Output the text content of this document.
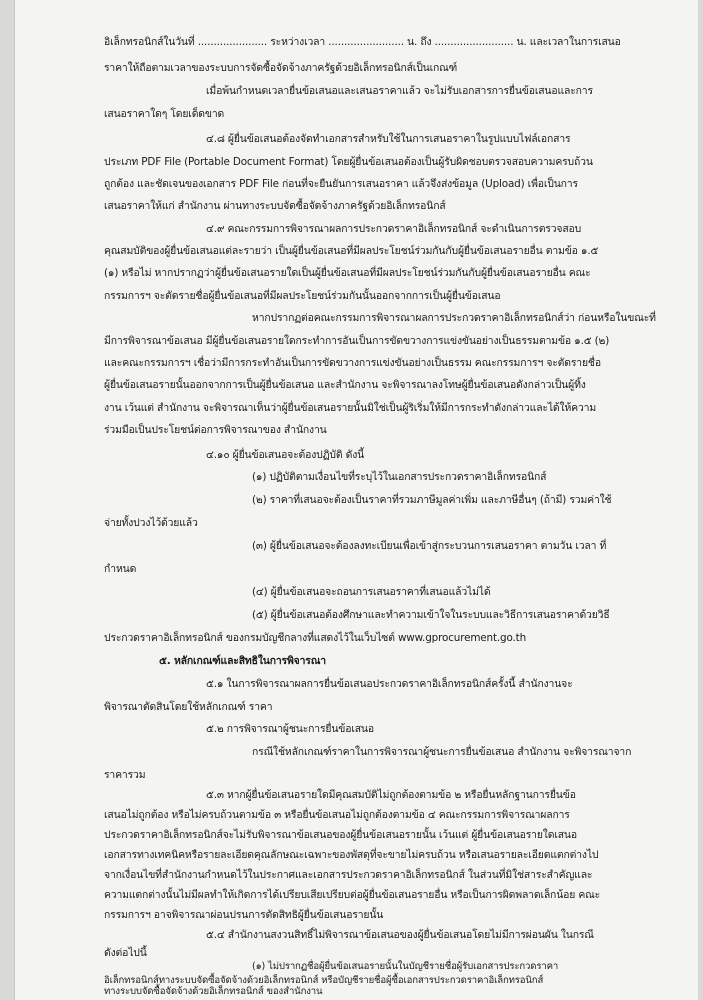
อิเล็กทรอนิกส์ในวันที่ ...................... ระหว่างเวลา ........................ น. ถึง ......................... น. และเวลาในการเสนอ
ราคาให้ถือตามเวลาของระบบการจัดซื้อจัดจ้างภาครัฐด้วยอิเล็กทรอนิกส์เป็นเกณฑ์
เมื่อพ้นกำหนดเวลายื่นข้อเสนอและเสนอราคาแล้ว จะไม่รับเอกสารการยื่นข้อเสนอและการ
เสนอราคาใดๆ โดยเด็ดขาด
๔.๘ ผู้ยื่นข้อเสนอต้องจัดทำเอกสารสำหรับใช้ในการเสนอราคาในรูปแบบไฟล์เอกสาร
ประเภท PDF File (Portable Document Format) โดยผู้ยื่นข้อเสนอต้องเป็นผู้รับผิดชอบตรวจสอบความครบถ้วน
ถูกต้อง และชัดเจนของเอกสาร PDF File ก่อนที่จะยืนยันการเสนอราคา แล้วจึงส่งข้อมูล (Upload) เพื่อเป็นการ
เสนอราคาให้แก่ สำนักงาน ผ่านทางระบบจัดซื้อจัดจ้างภาครัฐด้วยอิเล็กทรอนิกส์
๔.๙ คณะกรรมการพิจารณาผลการประกวดราคาอิเล็กทรอนิกส์ จะดำเนินการตรวจสอบ
คุณสมบัติของผู้ยื่นข้อเสนอแต่ละรายว่า เป็นผู้ยื่นข้อเสนอที่มีผลประโยชน์ร่วมกันกับผู้ยื่นข้อเสนอรายอื่น ตามข้อ ๑.๕
(๑) หรือไม่ หากปรากฏว่าผู้ยื่นข้อเสนอรายใดเป็นผู้ยื่นข้อเสนอที่มีผลประโยชน์ร่วมกันกับผู้ยื่นข้อเสนอรายอื่น คณะ
กรรมการฯ จะตัดรายชื่อผู้ยื่นข้อเสนอที่มีผลประโยชน์ร่วมกันนั้นออกจากการเป็นผู้ยื่นข้อเสนอ
หากปรากฏต่อคณะกรรมการพิจารณาผลการประกวดราคาอิเล็กทรอนิกส์ว่า ก่อนหรือในขณะที่
มีการพิจารณาข้อเสนอ มีผู้ยื่นข้อเสนอรายใดกระทำการอันเป็นการขัดขวางการแข่งขันอย่างเป็นธรรมตามข้อ ๑.๕ (๒)
และคณะกรรมการฯ เชื่อว่ามีการกระทำอันเป็นการขัดขวางการแข่งขันอย่างเป็นธรรม คณะกรรมการฯ จะตัดรายชื่อ
ผู้ยื่นข้อเสนอรายนั้นออกจากการเป็นผู้ยื่นข้อเสนอ และสำนักงาน จะพิจารณาลงโทษผู้ยื่นข้อเสนอดังกล่าวเป็นผู้ทิ้ง
งาน เว้นแต่ สำนักงาน จะพิจารณาเห็นว่าผู้ยื่นข้อเสนอรายนั้นมิใช่เป็นผู้ริเริ่มให้มีการกระทำดังกล่าวและได้ให้ความ
ร่วมมือเป็นประโยชน์ต่อการพิจารณาของ สำนักงาน
๔.๑๐ ผู้ยื่นข้อเสนอจะต้องปฏิบัติ ดังนี้
(๑) ปฏิบัติตามเงื่อนไขที่ระบุไว้ในเอกสารประกวดราคาอิเล็กทรอนิกส์
(๒) ราคาที่เสนอจะต้องเป็นราคาที่รวมภาษีมูลค่าเพิ่ม และภาษีอื่นๆ (ถ้ามี) รวมค่าใช้
จ่ายทั้งปวงไว้ด้วยแล้ว
(๓) ผู้ยื่นข้อเสนอจะต้องลงทะเบียนเพื่อเข้าสู่กระบวนการเสนอราคา ตามวัน เวลา ที่
กำหนด
(๔) ผู้ยื่นข้อเสนอจะถอนการเสนอราคาที่เสนอแล้วไม่ได้
(๕) ผู้ยื่นข้อเสนอต้องศึกษาและทำความเข้าใจในระบบและวิธีการเสนอราคาด้วยวิธี
ประกวดราคาอิเล็กทรอนิกส์ ของกรมบัญชีกลางที่แสดงไว้ในเว็บไซต์ www.gprocurement.go.th
๕. หลักเกณฑ์และสิทธิในการพิจารณา
๕.๑ ในการพิจารณาผลการยื่นข้อเสนอประกวดราคาอิเล็กทรอนิกส์ครั้งนี้ สำนักงานจะ
พิจารณาตัดสินโดยใช้หลักเกณฑ์ ราคา
๕.๒ การพิจารณาผู้ชนะการยื่นข้อเสนอ
กรณีใช้หลักเกณฑ์ราคาในการพิจารณาผู้ชนะการยื่นข้อเสนอ สำนักงาน จะพิจารณาจาก
ราคารวม
๕.๓ หากผู้ยื่นข้อเสนอรายใดมีคุณสมบัติไม่ถูกต้องตามข้อ ๒ หรือยื่นหลักฐานการยื่นข้อ
เสนอไม่ถูกต้อง หรือไม่ครบถ้วนตามข้อ ๓ หรือยื่นข้อเสนอไม่ถูกต้องตามข้อ ๔ คณะกรรมการพิจารณาผลการ
ประกวดราคาอิเล็กทรอนิกส์จะไม่รับพิจารณาข้อเสนอของผู้ยื่นข้อเสนอรายนั้น เว้นแต่ ผู้ยื่นข้อเสนอรายใดเสนอ
เอกสารทางเทคนิคหรือรายละเอียดคุณลักษณะเฉพาะของพัสดุที่จะขายไม่ครบถ้วน หรือเสนอรายละเอียดแตกต่างไป
จากเงื่อนไขที่สำนักงานกำหนดไว้ในประกาศและเอกสารประกวดราคาอิเล็กทรอนิกส์ ในส่วนที่มิใช่สาระสำคัญและ
ความแตกต่างนั้นไม่มีผลทำให้เกิดการได้เปรียบเสียเปรียบต่อผู้ยื่นข้อเสนอรายอื่น หรือเป็นการผิดพลาดเล็กน้อย คณะ
กรรมการฯ อาจพิจารณาผ่อนปรนการตัดสิทธิผู้ยื่นข้อเสนอรายนั้น
๕.๔ สำนักงานสงวนสิทธิ์ไม่พิจารณาข้อเสนอของผู้ยื่นข้อเสนอโดยไม่มีการผ่อนผัน ในกรณี
ดังต่อไปนี้
(๑) ไม่ปรากฏชื่อผู้ยื่นข้อเสนอรายนั้นในบัญชีรายชื่อผู้รับเอกสารประกวดราคา
อิเล็กทรอนิกส์ทางระบบจัดซื้อจัดจ้างด้วยอิเล็กทรอนิกส์ หรือบัญชีรายชื่อผู้ซื้อเอกสารประกวดราคาอิเล็กทรอนิกส์
ทางระบบจัดซื้อจัดจ้างด้วยอิเล็กทรอนิกส์ ของสำนักงาน
